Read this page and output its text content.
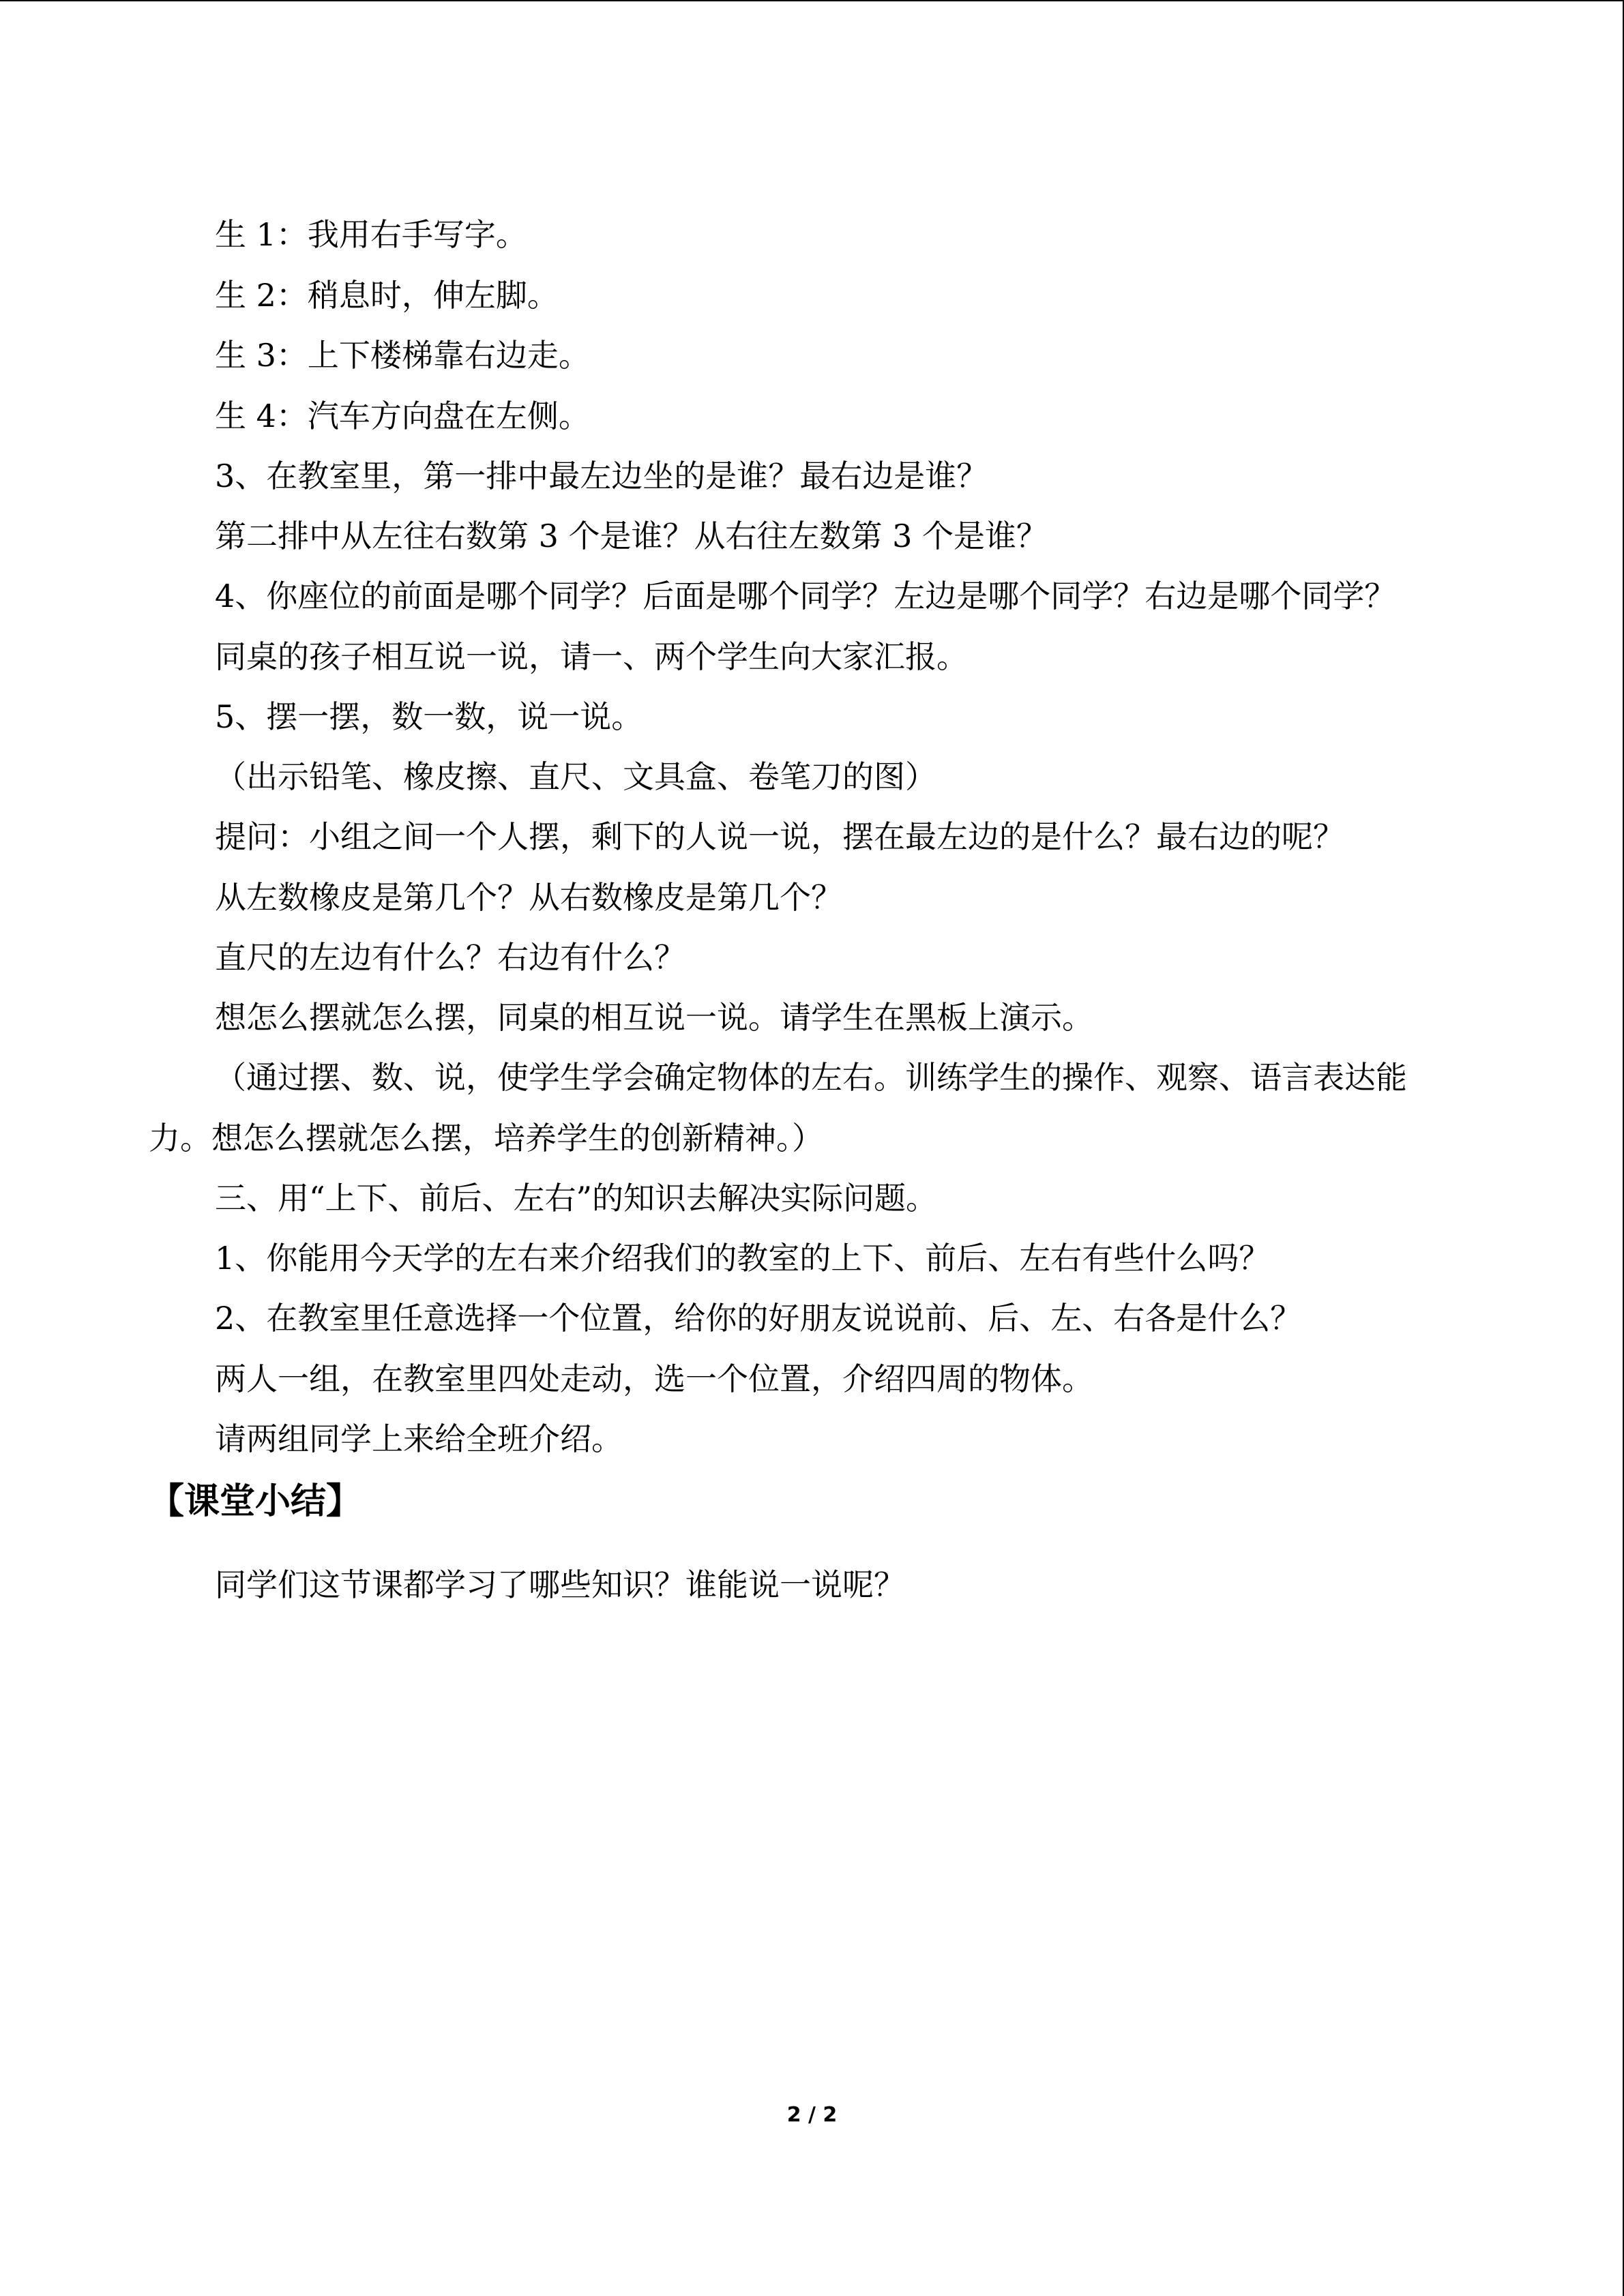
生 1：我用右手写字。
生 2：稍息时，伸左脚。
生 3：上下楼梯靠右边走。
生 4：汽车方向盘在左侧。
3、在教室里，第一排中最左边坐的是谁？最右边是谁？
第二排中从左往右数第 3 个是谁？从右往左数第 3 个是谁？
4、你座位的前面是哪个同学？后面是哪个同学？左边是哪个同学？右边是哪个同学？
同桌的孩子相互说一说，请一、两个学生向大家汇报。
5、摆一摆，数一数，说一说。
（出示铅笔、橡皮擦、直尺、文具盒、卷笔刀的图）
提问：小组之间一个人摆，剩下的人说一说，摆在最左边的是什么？最右边的呢？
从左数橡皮是第几个？从右数橡皮是第几个？
直尺的左边有什么？右边有什么？
想怎么摆就怎么摆，同桌的相互说一说。请学生在黑板上演示。
（通过摆、数、说，使学生学会确定物体的左右。训练学生的操作、观察、语言表达能
力。想怎么摆就怎么摆，培养学生的创新精神。）
三、用“上下、前后、左右”的知识去解决实际问题。
1、你能用今天学的左右来介绍我们的教室的上下、前后、左右有些什么吗？
2、在教室里任意选择一个位置，给你的好朋友说说前、后、左、右各是什么？
两人一组，在教室里四处走动，选一个位置，介绍四周的物体。
请两组同学上来给全班介绍。
【课堂小结】
同学们这节课都学习了哪些知识？谁能说一说呢？
2 / 2
